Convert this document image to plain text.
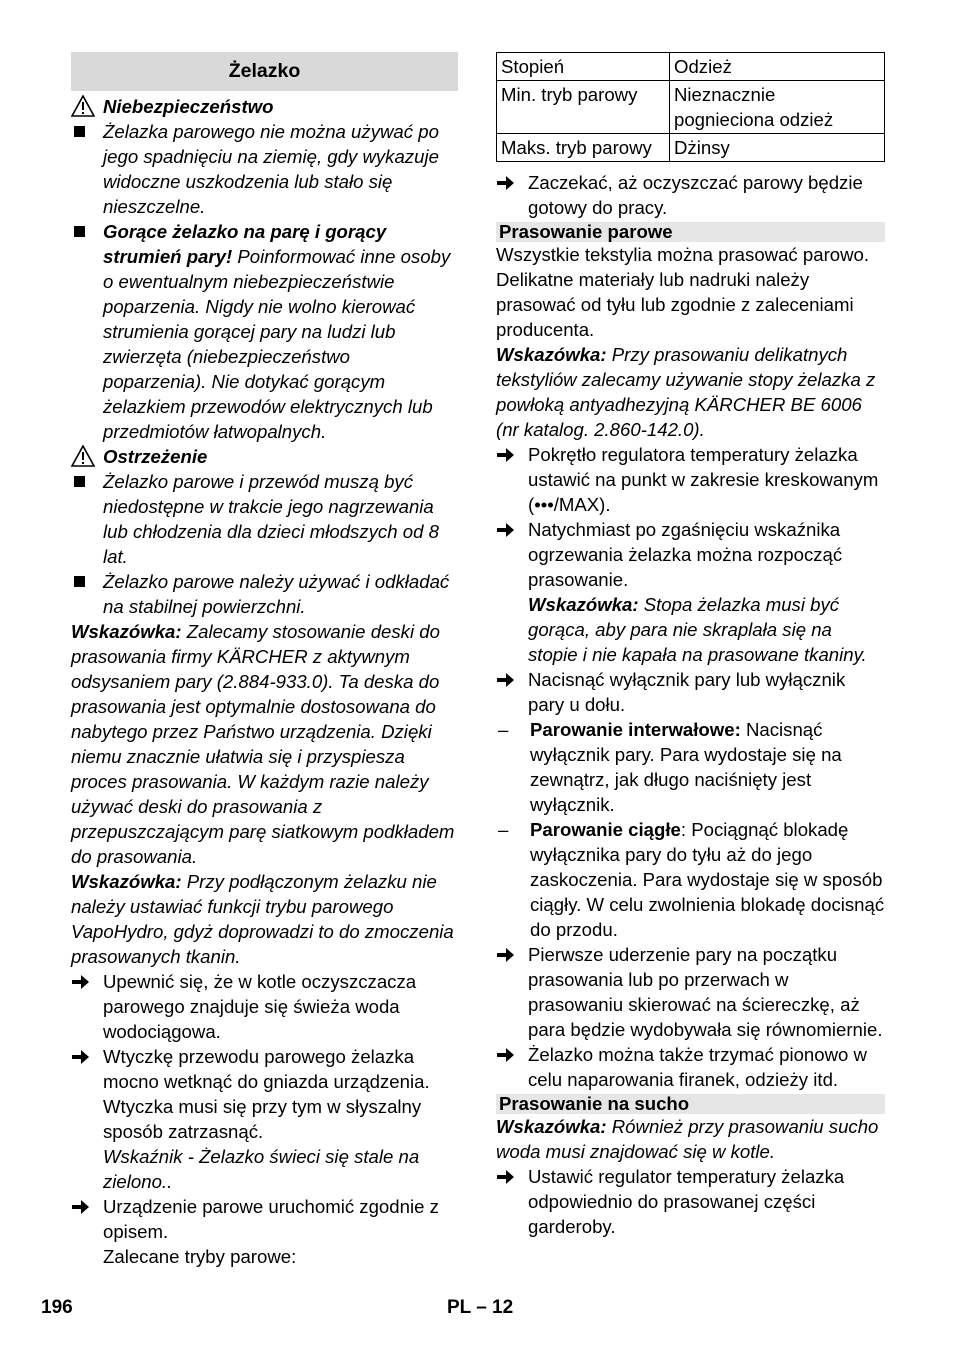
Żelazko
Niebezpieczeństwo
Żelazka parowego nie można używać po jego spadnięciu na ziemię, gdy wykazuje widoczne uszkodzenia lub stało się nieszczelne.
Gorące żelazko na parę i gorący strumień pary! Poinformować inne osoby o ewentualnym niebezpieczeństwie poparzenia. Nigdy nie wolno kierować strumienia gorącej pary na ludzi lub zwierzęta (niebezpieczeństwo poparzenia). Nie dotykać gorącym żelazkiem przewodów elektrycznych lub przedmiotów łatwopalnych.
Ostrzeżenie
Żelazko parowe i przewód muszą być niedostępne w trakcie jego nagrzewania lub chłodzenia dla dzieci młodszych od 8 lat.
Żelazko parowe należy używać i odkładać na stabilnej powierzchni.

Wskazówka: Zalecamy stosowanie deski do prasowania firmy KÄRCHER z aktywnym odsysaniem pary (2.884-933.0). Ta deska do prasowania jest optymalnie dostosowana do nabytego przez Państwo urządzenia. Dzięki niemu znacznie ułatwia się i przyspiesza proces prasowania. W każdym razie należy używać deski do prasowania z przepuszczającym parę siatkowym podkładem do prasowania.

Wskazówka: Przy podłączonym żelazku nie należy ustawiać funkcji trybu parowego VapoHydro, gdyż doprowadzi to do zmoczenia prasowanych tkanin.

Upewnić się, że w kotle oczyszczacza parowego znajduje się świeża woda wodociągowa.
Wtyczkę przewodu parowego żelazka mocno wetknąć do gniazda urządzenia. Wtyczka musi się przy tym w słyszalny sposób zatrzasnąć.
Wskaźnik - Żelazko świeci się stale na zielono..
Urządzenie parowe uruchomić zgodnie z opisem.
Zalecane tryby parowe:
Stopień	Odzież
Min. tryb parowy	Nieznacznie pognieciona odzież
Maks. tryb parowy	Dżinsy
Zaczekać, aż oczyszczać parowy będzie gotowy do pracy.
Prasowanie parowe

Wszystkie tekstylia można prasować parowo. Delikatne materiały lub nadruki należy prasować od tyłu lub zgodnie z zaleceniami producenta.

Wskazówka: Przy prasowaniu delikatnych tekstyliów zalecamy używanie stopy żelazka z powłoką antyadhezyjną KÄRCHER BE 6006 (nr katalog. 2.860-142.0).

Pokrętło regulatora temperatury żelazka ustawić na punkt w zakresie kreskowanym (•••/MAX).
Natychmiast po zgaśnięciu wskaźnika ogrzewania żelazka można rozpocząć prasowanie.
Wskazówka: Stopa żelazka musi być gorąca, aby para nie skraplała się na stopie i nie kapała na prasowane tkaniny.
Nacisnąć wyłącznik pary lub wyłącznik pary u dołu.
–	Parowanie interwałowe: Nacisnąć wyłącznik pary. Para wydostaje się na zewnątrz, jak długo naciśnięty jest wyłącznik.
–	Parowanie ciągłe: Pociągnąć blokadę wyłącznika pary do tyłu aż do jego zaskoczenia. Para wydostaje się w sposób ciągły. W celu zwolnienia blokadę docisnąć do przodu.
Pierwsze uderzenie pary na początku prasowania lub po przerwach w prasowaniu skierować na ściereczkę, aż para będzie wydobywała się równomiernie.
Żelazko można także trzymać pionowo w celu naparowania firanek, odzieży itd.
Prasowanie na sucho

Wskazówka: Również przy prasowaniu sucho woda musi znajdować się w kotle.

Ustawić regulator temperatury żelazka odpowiednio do prasowanej części garderoby.
196	PL – 12
